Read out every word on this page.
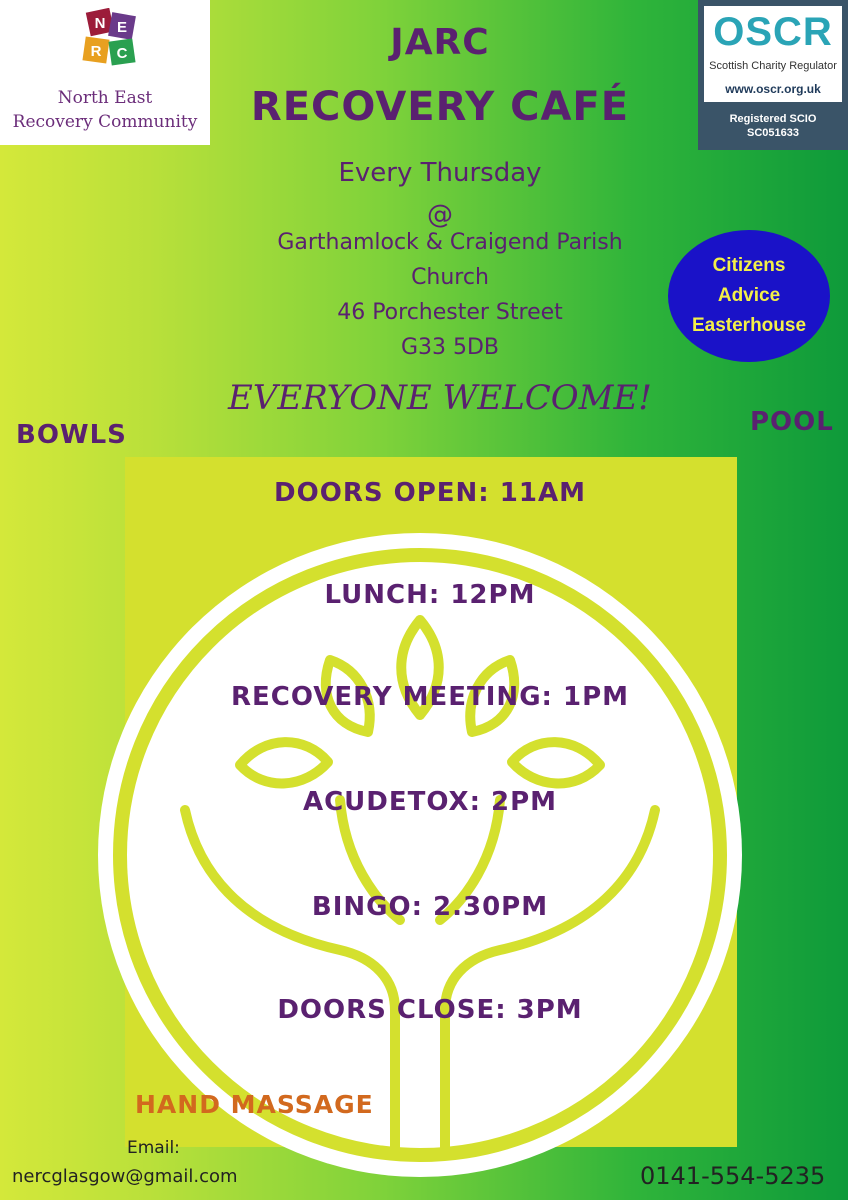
N E
R C
North East
Recovery Community
OSCR
Scottish Charity Regulator
www.oscr.org.uk
Registered SCIO
SC051633
JARC
RECOVERY CAFÉ
Every Thursday
@
Garthamlock & Craigend Parish
Church
46 Porchester Street
G33 5DB
Citizens
Advice
Easterhouse
EVERYONE WELCOME!
BOWLS	POOL
DOORS OPEN: 11AM
LUNCH: 12PM
RECOVERY MEETING: 1PM
ACUDETOX: 2PM
BINGO: 2.30PM
DOORS CLOSE: 3PM
HAND MASSAGE
Email:
nercglasgow@gmail.com	0141-554-5235
